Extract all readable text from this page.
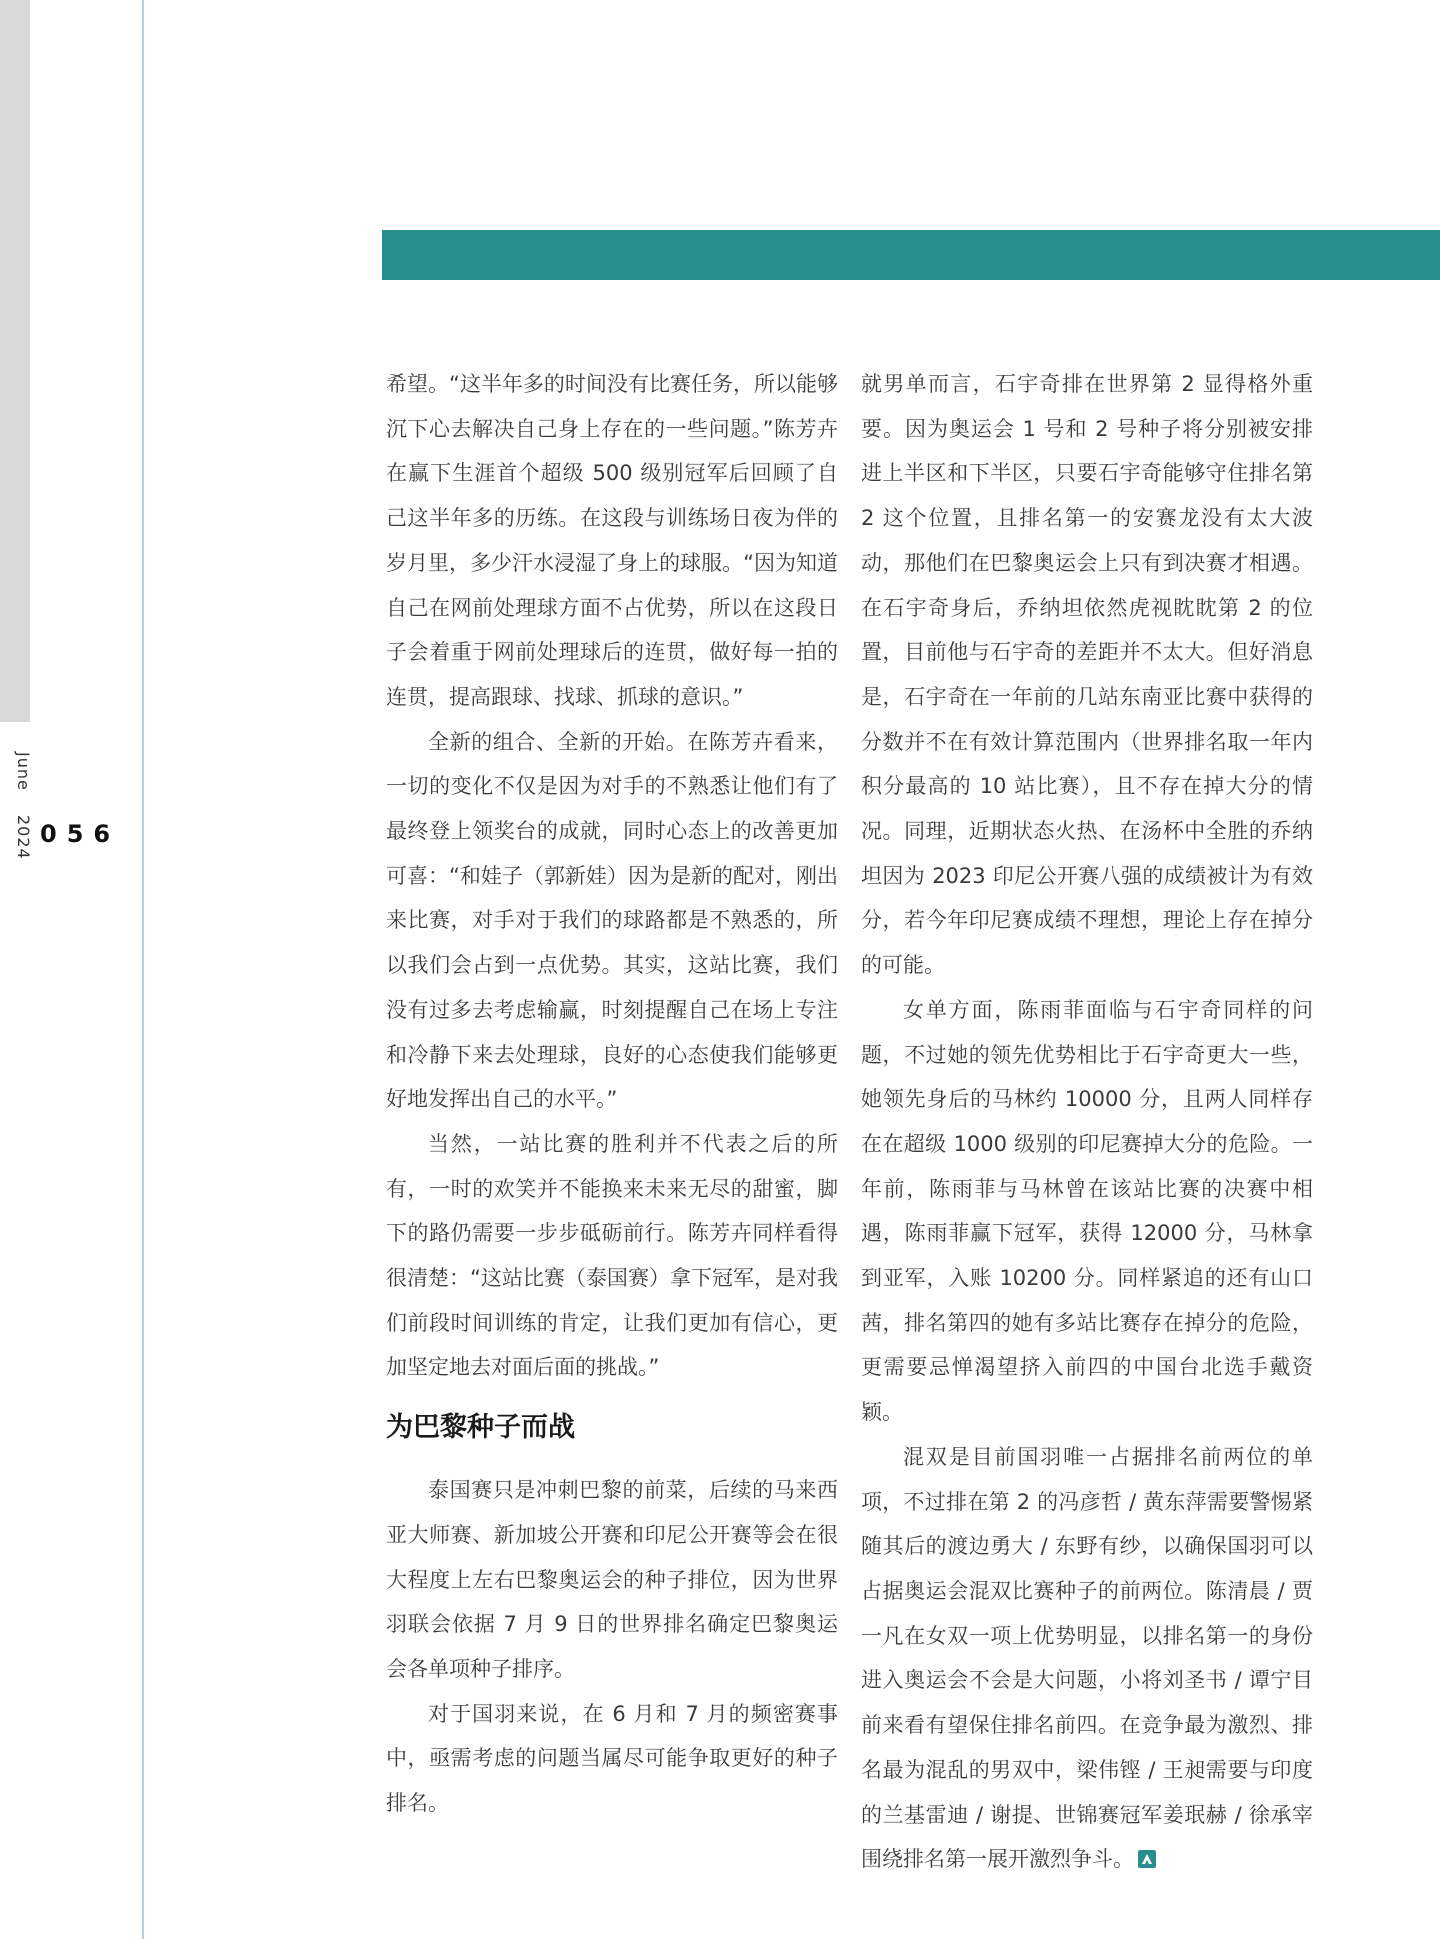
June  2024 056

希望。“这半年多的时间没有比赛任务，所以能够沉下心去解决自己身上存在的一些问题。”陈芳卉在赢下生涯首个超级 500 级别冠军后回顾了自己这半年多的历练。在这段与训练场日夜为伴的岁月里，多少汗水浸湿了身上的球服。“因为知道自己在网前处理球方面不占优势，所以在这段日子会着重于网前处理球后的连贯，做好每一拍的连贯，提高跟球、找球、抓球的意识。”

全新的组合、全新的开始。在陈芳卉看来，一切的变化不仅是因为对手的不熟悉让他们有了最终登上领奖台的成就，同时心态上的改善更加可喜：“和娃子（郭新娃）因为是新的配对，刚出来比赛，对手对于我们的球路都是不熟悉的，所以我们会占到一点优势。其实，这站比赛，我们没有过多去考虑输赢，时刻提醒自己在场上专注和冷静下来去处理球，良好的心态使我们能够更好地发挥出自己的水平。”

当然，一站比赛的胜利并不代表之后的所有，一时的欢笑并不能换来未来无尽的甜蜜，脚下的路仍需要一步步砥砺前行。陈芳卉同样看得很清楚：“这站比赛（泰国赛）拿下冠军，是对我们前段时间训练的肯定，让我们更加有信心，更加坚定地去对面后面的挑战。”

为巴黎种子而战

泰国赛只是冲刺巴黎的前菜，后续的马来西亚大师赛、新加坡公开赛和印尼公开赛等会在很大程度上左右巴黎奥运会的种子排位，因为世界羽联会依据 7 月 9 日的世界排名确定巴黎奥运会各单项种子排序。

对于国羽来说，在 6 月和 7 月的频密赛事中，亟需考虑的问题当属尽可能争取更好的种子排名。

就男单而言，石宇奇排在世界第 2 显得格外重要。因为奥运会 1 号和 2 号种子将分别被安排进上半区和下半区，只要石宇奇能够守住排名第 2 这个位置，且排名第一的安赛龙没有太大波动，那他们在巴黎奥运会上只有到决赛才相遇。在石宇奇身后，乔纳坦依然虎视眈眈第 2 的位置，目前他与石宇奇的差距并不太大。但好消息是，石宇奇在一年前的几站东南亚比赛中获得的分数并不在有效计算范围内（世界排名取一年内积分最高的 10 站比赛），且不存在掉大分的情况。同理，近期状态火热、在汤杯中全胜的乔纳坦因为 2023 印尼公开赛八强的成绩被计为有效分，若今年印尼赛成绩不理想，理论上存在掉分的可能。

女单方面，陈雨菲面临与石宇奇同样的问题，不过她的领先优势相比于石宇奇更大一些，她领先身后的马林约 10000 分，且两人同样存在在超级 1000 级别的印尼赛掉大分的危险。一年前，陈雨菲与马林曾在该站比赛的决赛中相遇，陈雨菲赢下冠军，获得 12000 分，马林拿到亚军，入账 10200 分。同样紧追的还有山口茜，排名第四的她有多站比赛存在掉分的危险，更需要忌惮渴望挤入前四的中国台北选手戴资颖。

混双是目前国羽唯一占据排名前两位的单项，不过排在第 2 的冯彦哲 / 黄东萍需要警惕紧随其后的渡边勇大 / 东野有纱，以确保国羽可以占据奥运会混双比赛种子的前两位。陈清晨 / 贾一凡在女双一项上优势明显，以排名第一的身份进入奥运会不会是大问题，小将刘圣书 / 谭宁目前来看有望保住排名前四。在竞争最为激烈、排名最为混乱的男双中，梁伟铿 / 王昶需要与印度的兰基雷迪 / 谢提、世锦赛冠军姜珉赫 / 徐承宰围绕排名第一展开激烈争斗。
